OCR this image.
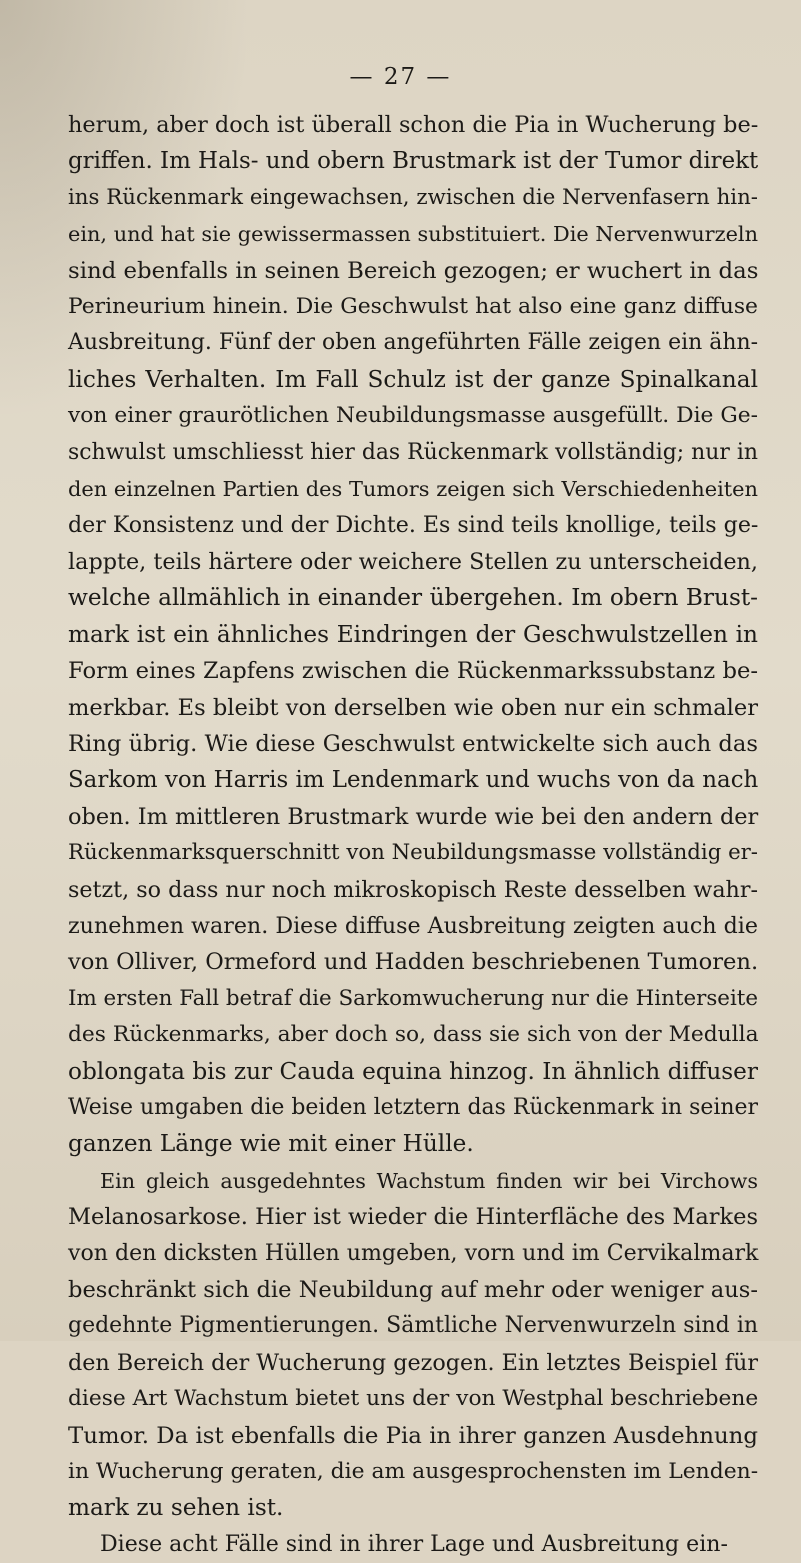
— 27 —

herum, aber doch ist überall schon die Pia in Wucherung be-
griffen. Im Hals- und obern Brustmark ist der Tumor direkt
ins Rückenmark eingewachsen, zwischen die Nervenfasern hin-
ein, und hat sie gewissermassen substituiert. Die Nervenwurzeln
sind ebenfalls in seinen Bereich gezogen; er wuchert in das
Perineurium hinein. Die Geschwulst hat also eine ganz diffuse
Ausbreitung. Fünf der oben angeführten Fälle zeigen ein ähn-
liches Verhalten. Im Fall Schulz ist der ganze Spinalkanal
von einer graurötlichen Neubildungsmasse ausgefüllt. Die Ge-
schwulst umschliesst hier das Rückenmark vollständig; nur in
den einzelnen Partien des Tumors zeigen sich Verschiedenheiten
der Konsistenz und der Dichte. Es sind teils knollige, teils ge-
lappte, teils härtere oder weichere Stellen zu unterscheiden,
welche allmählich in einander übergehen. Im obern Brust-
mark ist ein ähnliches Eindringen der Geschwulstzellen in
Form eines Zapfens zwischen die Rückenmarkssubstanz be-
merkbar. Es bleibt von derselben wie oben nur ein schmaler
Ring übrig. Wie diese Geschwulst entwickelte sich auch das
Sarkom von Harris im Lendenmark und wuchs von da nach
oben. Im mittleren Brustmark wurde wie bei den andern der
Rückenmarksquerschnitt von Neubildungsmasse vollständig er-
setzt, so dass nur noch mikroskopisch Reste desselben wahr-
zunehmen waren. Diese diffuse Ausbreitung zeigten auch die
von Olliver, Ormeford und Hadden beschriebenen Tumoren.
Im ersten Fall betraf die Sarkomwucherung nur die Hinterseite
des Rückenmarks, aber doch so, dass sie sich von der Medulla
oblongata bis zur Cauda equina hinzog. In ähnlich diffuser
Weise umgaben die beiden letztern das Rückenmark in seiner
ganzen Länge wie mit einer Hülle.

Ein gleich ausgedehntes Wachstum finden wir bei Virchows
Melanosarkose. Hier ist wieder die Hinterfläche des Markes
von den dicksten Hüllen umgeben, vorn und im Cervikalmark
beschränkt sich die Neubildung auf mehr oder weniger aus-
gedehnte Pigmentierungen. Sämtliche Nervenwurzeln sind in
den Bereich der Wucherung gezogen. Ein letztes Beispiel für
diese Art Wachstum bietet uns der von Westphal beschriebene
Tumor. Da ist ebenfalls die Pia in ihrer ganzen Ausdehnung
in Wucherung geraten, die am ausgesprochensten im Lenden-
mark zu sehen ist.

Diese acht Fälle sind in ihrer Lage und Ausbreitung ein-
